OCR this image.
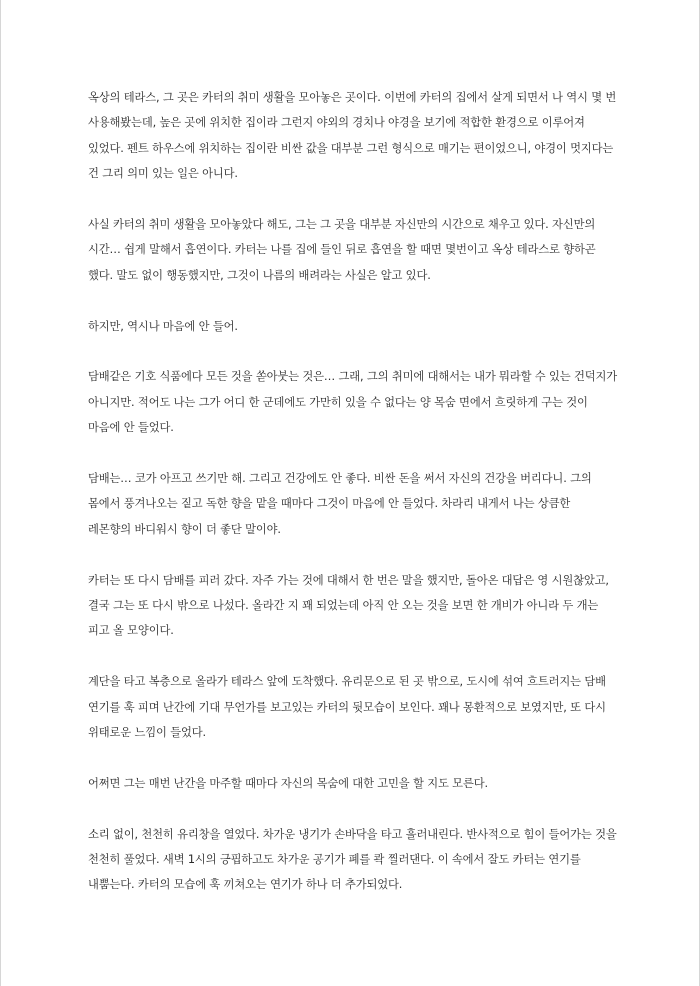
옥상의 테라스, 그 곳은 카터의 취미 생활을 모아놓은 곳이다. 이번에 카터의 집에서 살게 되면서 나 역시 몇 번
사용해봤는데, 높은 곳에 위치한 집이라 그런지 야외의 경치나 야경을 보기에 적합한 환경으로 이루어져
있었다. 펜트 하우스에 위치하는 집이란 비싼 값을 대부분 그런 형식으로 매기는 편이었으니, 야경이 멋지다는
건 그리 의미 있는 일은 아니다.

사실 카터의 취미 생활을 모아놓았다 해도, 그는 그 곳을 대부분 자신만의 시간으로 채우고 있다. 자신만의
시간… 쉽게 말해서 흡연이다. 카터는 나를 집에 들인 뒤로 흡연을 할 때면 몇번이고 옥상 테라스로 향하곤
했다. 말도 없이 행동했지만, 그것이 나름의 배려라는 사실은 알고 있다.

하지만, 역시나 마음에 안 들어.

담배같은 기호 식품에다 모든 것을 쏟아붓는 것은… 그래, 그의 취미에 대해서는 내가 뭐라할 수 있는 건덕지가
아니지만. 적어도 나는 그가 어디 한 군데에도 가만히 있을 수 없다는 양 목숨 면에서 흐릿하게 구는 것이
마음에 안 들었다.

담배는… 코가 아프고 쓰기만 해. 그리고 건강에도 안 좋다. 비싼 돈을 써서 자신의 건강을 버리다니. 그의
몸에서 풍겨나오는 짙고 독한 향을 맡을 때마다 그것이 마음에 안 들었다. 차라리 내게서 나는 상큼한
레몬향의 바디워시 향이 더 좋단 말이야.

카터는 또 다시 담배를 피러 갔다. 자주 가는 것에 대해서 한 번은 말을 했지만, 돌아온 대답은 영 시원찮았고,
결국 그는 또 다시 밖으로 나섰다. 올라간 지 꽤 되었는데 아직 안 오는 것을 보면 한 개비가 아니라 두 개는
피고 올 모양이다.

계단을 타고 복층으로 올라가 테라스 앞에 도착했다. 유리문으로 된 곳 밖으로, 도시에 섞여 흐트러지는 담배
연기를 훅 피며 난간에 기대 무언가를 보고있는 카터의 뒷모습이 보인다. 꽤나 몽환적으로 보였지만, 또 다시
위태로운 느낌이 들었다.

어쩌면 그는 매번 난간을 마주할 때마다 자신의 목숨에 대한 고민을 할 지도 모른다.

소리 없이, 천천히 유리창을 열었다. 차가운 냉기가 손바닥을 타고 흘러내린다. 반사적으로 힘이 들어가는 것을
천천히 풀었다. 새벽 1시의 긍핍하고도 차가운 공기가 폐를 콱 찔러댄다. 이 속에서 잘도 카터는 연기를
내뿜는다. 카터의 모습에 훅 끼쳐오는 연기가 하나 더 추가되었다.
